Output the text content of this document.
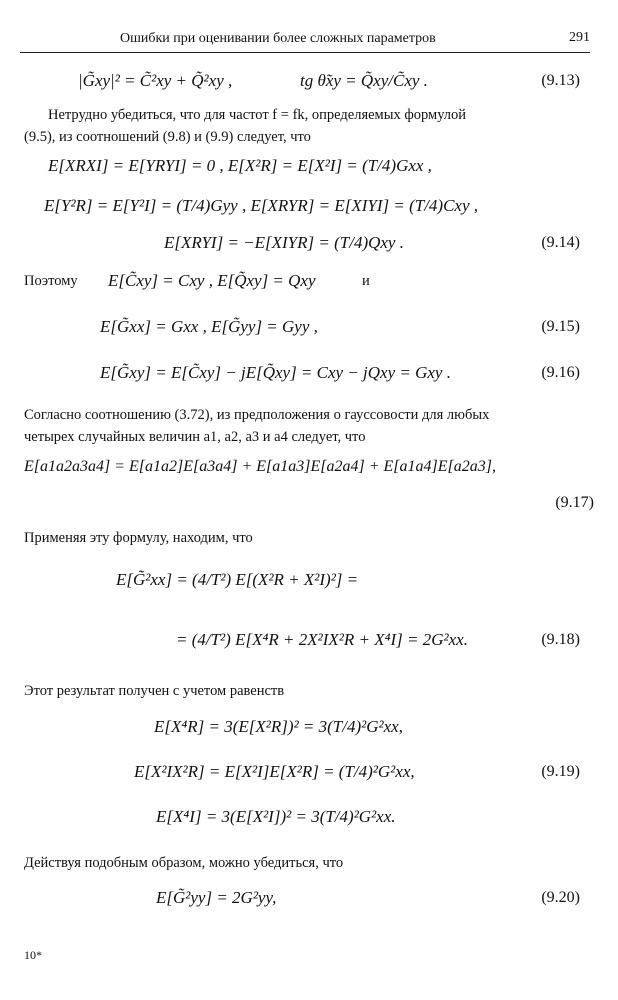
Ошибки при оценивании более сложных параметров	291
|G̃xy|² = C̃²xy + Q̃²xy ,	tg θ̃xy = Q̃xy/C̃xy .	(9.13)
Нетрудно убедиться, что для частот f = fk, определяемых формулой
(9.5), из соотношений (9.8) и (9.9) следует, что
E[XRXI] = E[YRYI] = 0 , E[X²R] = E[X²I] = (T/4)Gxx ,
E[Y²R] = E[Y²I] = (T/4)Gyy , E[XRYR] = E[XIYI] = (T/4)Cxy ,
E[XRYI] = −E[XIYR] = (T/4)Qxy .	(9.14)
Поэтому E[C̃xy] = Cxy , E[Q̃xy] = Qxy	и
E[G̃xx] = Gxx , E[G̃yy] = Gyy ,	(9.15)
E[G̃xy] = E[C̃xy] − jE[Q̃xy] = Cxy − jQxy = Gxy .	(9.16)
Согласно соотношению (3.72), из предположения о гауссовости для любых
четырех случайных величин a1, a2, a3 и a4 следует, что
E[a1a2a3a4] = E[a1a2]E[a3a4] + E[a1a3]E[a2a4] + E[a1a4]E[a2a3],
(9.17)
Применяя эту формулу, находим, что
E[G̃²xx] = (4/T²) E[(X²R + X²I)²] =
= (4/T²) E[X⁴R + 2X²IX²R + X⁴I] = 2G²xx.	(9.18)
Этот результат получен с учетом равенств
E[X⁴R] = 3(E[X²R])² = 3(T/4)²G²xx,
E[X²IX²R] = E[X²I]E[X²R] = (T/4)²G²xx,	(9.19)
E[X⁴I] = 3(E[X²I])² = 3(T/4)²G²xx.
Действуя подобным образом, можно убедиться, что
E[G̃²yy] = 2G²yy,	(9.20)
10*
